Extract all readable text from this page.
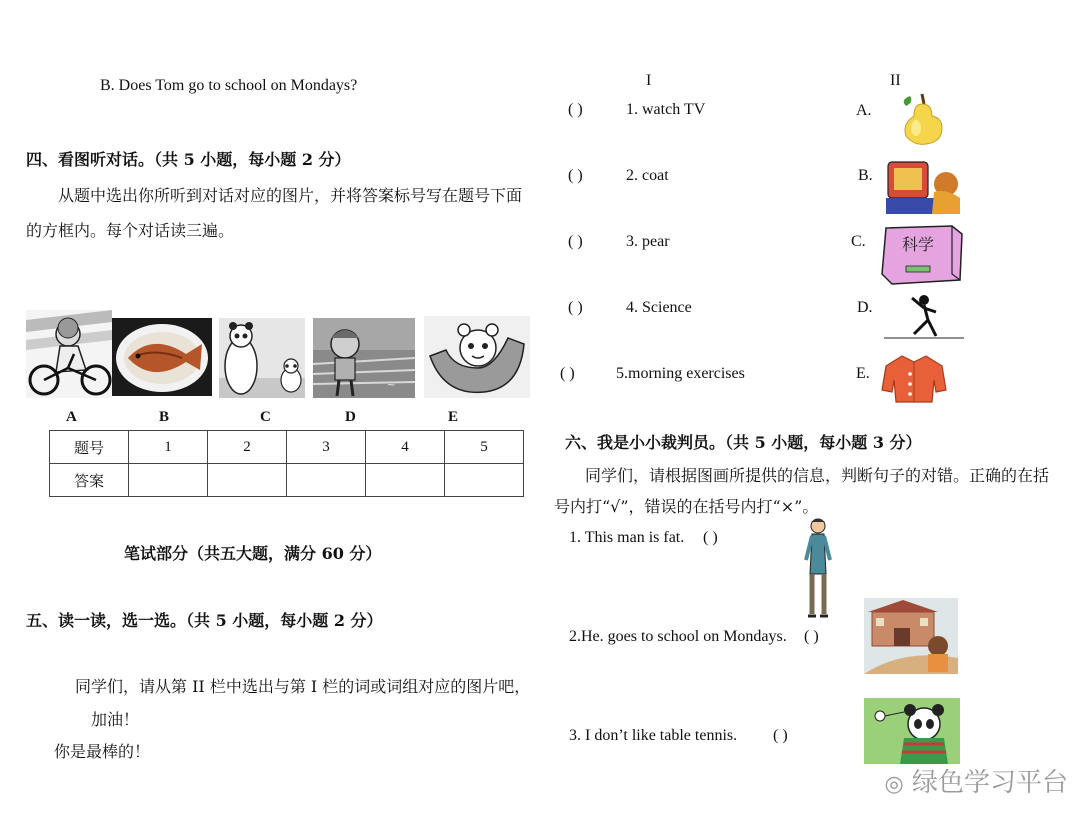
B. Does Tom go to school on Mondays?
四、看图听对话。（共 5 小题，每小题 2 分）
从题中选出你所听到对话对应的图片，并将答案标号写在题号下面
的方框内。每个对话读三遍。
~
A	B	C	D	E
题号	1	2	3	4	5
答案					
笔试部分（共五大题，满分 60 分）
五、读一读，选一选。（共 5 小题，每小题 2 分）
同学们，请从第 II 栏中选出与第 I 栏的词或词组对应的图片吧，
加油！
你是最棒的！
I	II
( )	1. watch TV	A.
( )	2. coat	B.
( )	3. pear	C.
( )	4. Science	D.
( )	5.morning exercises	E.
科学
六、我是小小裁判员。（共 5 小题，每小题 3 分）
同学们，请根据图画所提供的信息，判断句子的对错。正确的在括
号内打“√”，错误的在括号内打“×”。
1. This man is fat. ( )
2.He. goes to school on Mondays. ( )
3. I don’t like table tennis. ( )
◎ 绿色学习平台
